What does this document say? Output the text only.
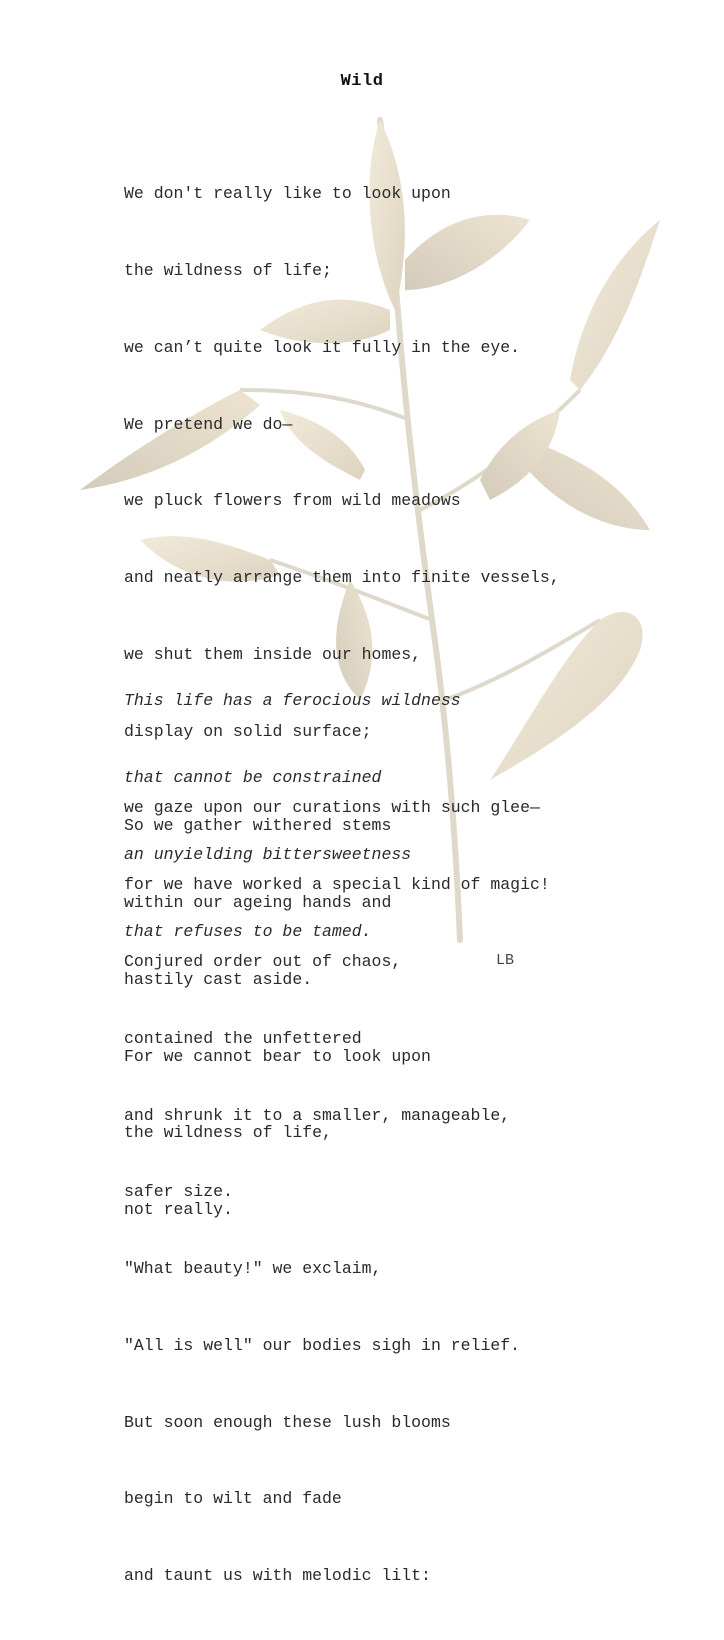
Wild

We don't really like to look upon

the wildness of life;

we can’t quite look it fully in the eye.

We pretend we do—

we pluck flowers from wild meadows

and neatly arrange them into finite vessels,

we shut them inside our homes,

display on solid surface;

we gaze upon our curations with such glee—

for we have worked a special kind of magic!

Conjured order out of chaos,

contained the unfettered

and shrunk it to a smaller, manageable,

safer size.

"What beauty!" we exclaim,

"All is well" our bodies sigh in relief.

But soon enough these lush blooms

begin to wilt and fade

and taunt us with melodic lilt:

This life has a ferocious wildness

that cannot be constrained

an unyielding bittersweetness

that refuses to be tamed.

So we gather withered stems

within our ageing hands and

hastily cast aside.

For we cannot bear to look upon

the wildness of life,

not really.

LB
